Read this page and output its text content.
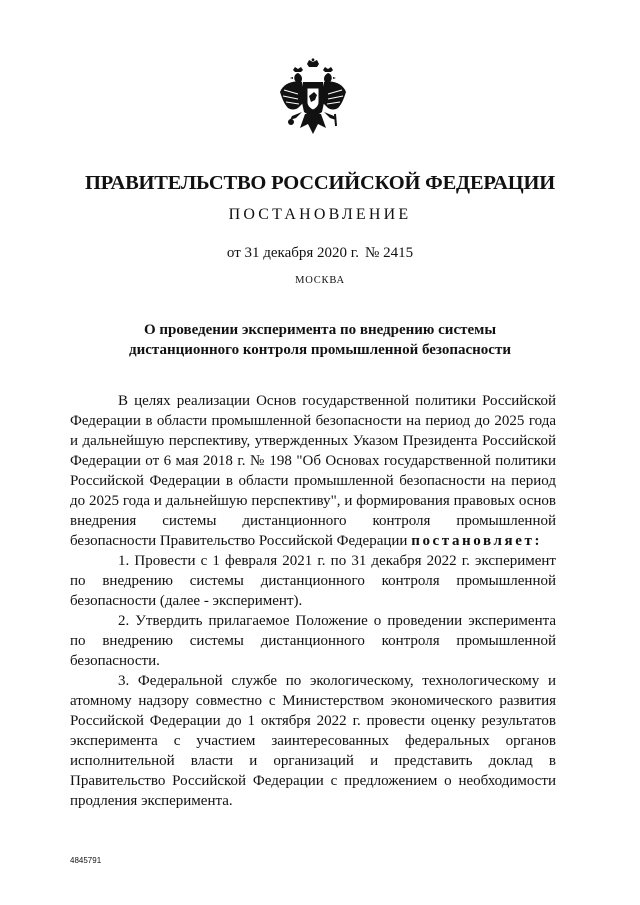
ПРАВИТЕЛЬСТВО РОССИЙСКОЙ ФЕДЕРАЦИИ
ПОСТАНОВЛЕНИЕ
от 31 декабря 2020 г. № 2415
МОСКВА
О проведении эксперимента по внедрению системы
дистанционного контроля промышленной безопасности

В целях реализации Основ государственной политики Российской Федерации в области промышленной безопасности на период до 2025 года и дальнейшую перспективу, утвержденных Указом Президента Российской Федерации от 6 мая 2018 г. № 198 "Об Основах государственной политики Российской Федерации в области промышленной безопасности на период до 2025 года и дальнейшую перспективу", и формирования правовых основ внедрения системы дистанционного контроля промышленной безопасности Правительство Российской Федерации постановляет:

1. Провести с 1 февраля 2021 г. по 31 декабря 2022 г. эксперимент по внедрению системы дистанционного контроля промышленной безопасности (далее - эксперимент).

2. Утвердить прилагаемое Положение о проведении эксперимента по внедрению системы дистанционного контроля промышленной безопасности.

3. Федеральной службе по экологическому, технологическому и атомному надзору совместно с Министерством экономического развития Российской Федерации до 1 октября 2022 г. провести оценку результатов эксперимента с участием заинтересованных федеральных органов исполнительной власти и организаций и представить доклад в Правительство Российской Федерации с предложением о необходимости продления эксперимента.

4845791
